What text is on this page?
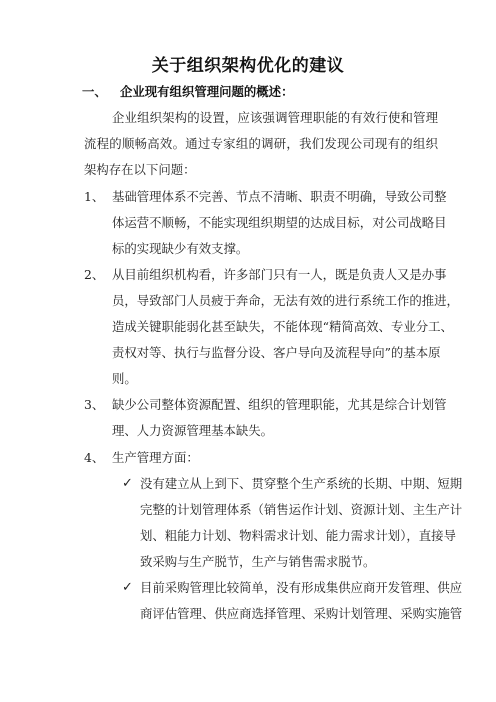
关于组织架构优化的建议
一、 企业现有组织管理问题的概述：
企业组织架构的设置，应该强调管理职能的有效行使和管理
流程的顺畅高效。通过专家组的调研，我们发现公司现有的组织
架构存在以下问题：
1、 基础管理体系不完善、节点不清晰、职责不明确，导致公司整
体运营不顺畅，不能实现组织期望的达成目标，对公司战略目
标的实现缺少有效支撑。
2、 从目前组织机构看，许多部门只有一人，既是负责人又是办事
员，导致部门人员疲于奔命，无法有效的进行系统工作的推进，
造成关键职能弱化甚至缺失，不能体现“精简高效、专业分工、
责权对等、执行与监督分设、客户导向及流程导向”的基本原
则。
3、 缺少公司整体资源配置、组织的管理职能，尤其是综合计划管
理、人力资源管理基本缺失。
4、 生产管理方面：
✓ 没有建立从上到下、贯穿整个生产系统的长期、中期、短期
完整的计划管理体系（销售运作计划、资源计划、主生产计
划、粗能力计划、物料需求计划、能力需求计划），直接导
致采购与生产脱节，生产与销售需求脱节。
✓ 目前采购管理比较简单，没有形成集供应商开发管理、供应
商评估管理、供应商选择管理、采购计划管理、采购实施管
